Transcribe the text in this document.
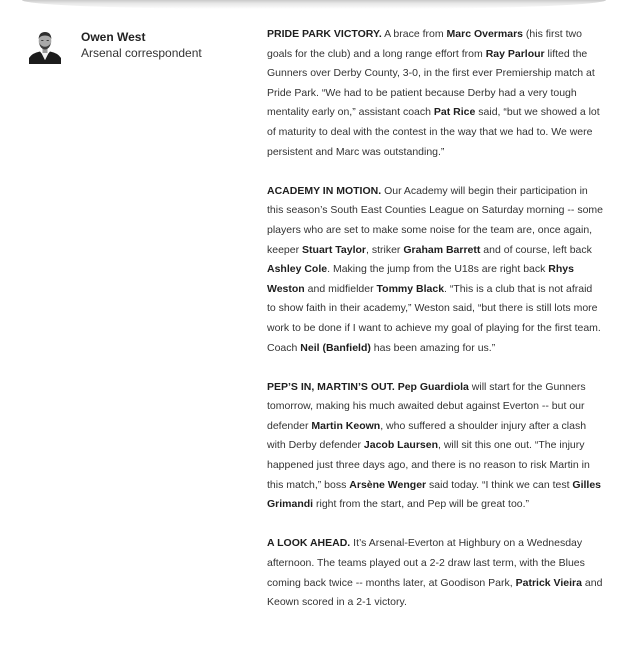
Owen West
Arsenal correspondent

PRIDE PARK VICTORY. A brace from Marc Overmars (his first two goals for the club) and a long range effort from Ray Parlour lifted the Gunners over Derby County, 3-0, in the first ever Premiership match at Pride Park. “We had to be patient because Derby had a very tough mentality early on,” assistant coach Pat Rice said, “but we showed a lot of maturity to deal with the contest in the way that we had to. We were persistent and Marc was outstanding.”

ACADEMY IN MOTION. Our Academy will begin their participation in this season’s South East Counties League on Saturday morning -- some players who are set to make some noise for the team are, once again, keeper Stuart Taylor, striker Graham Barrett and of course, left back Ashley Cole. Making the jump from the U18s are right back Rhys Weston and midfielder Tommy Black. “This is a club that is not afraid to show faith in their academy,” Weston said, “but there is still lots more work to be done if I want to achieve my goal of playing for the first team. Coach Neil (Banfield) has been amazing for us.”

PEP’S IN, MARTIN’S OUT. Pep Guardiola will start for the Gunners tomorrow, making his much awaited debut against Everton -- but our defender Martin Keown, who suffered a shoulder injury after a clash with Derby defender Jacob Laursen, will sit this one out. “The injury happened just three days ago, and there is no reason to risk Martin in this match,” boss Arsène Wenger said today. “I think we can test Gilles Grimandi right from the start, and Pep will be great too.”

A LOOK AHEAD. It’s Arsenal-Everton at Highbury on a Wednesday afternoon. The teams played out a 2-2 draw last term, with the Blues coming back twice -- months later, at Goodison Park, Patrick Vieira and Keown scored in a 2-1 victory.
